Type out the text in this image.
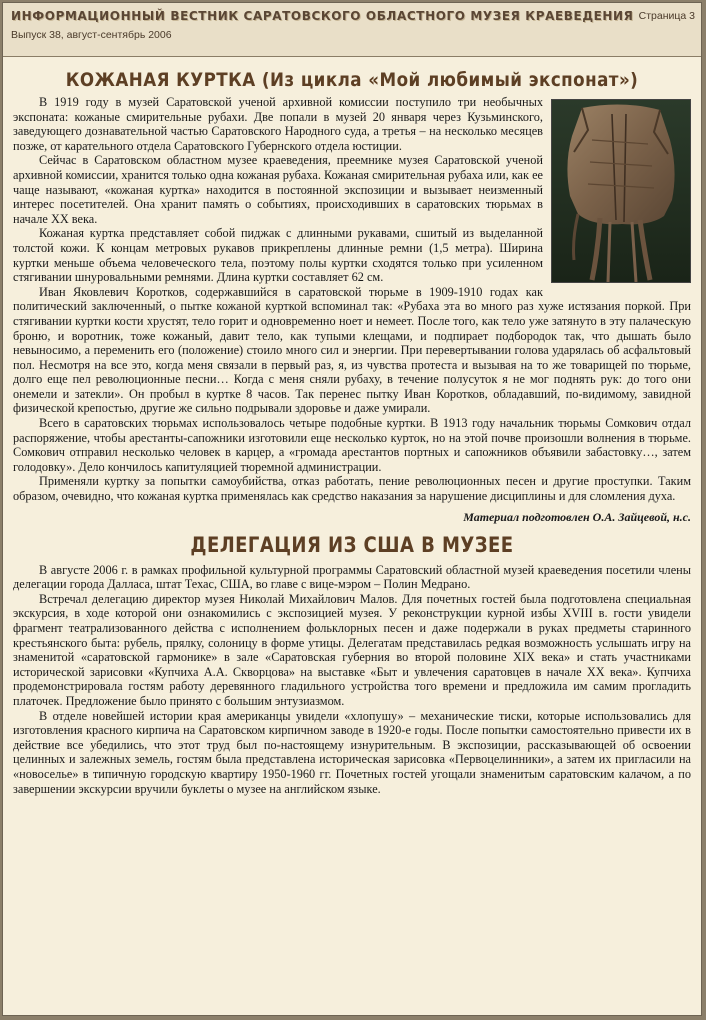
ИНФОРМАЦИОННЫЙ ВЕСТНИК САРАТОВСКОГО ОБЛАСТНОГО МУЗЕЯ КРАЕВЕДЕНИЯ
Выпуск 38, август-сентябрь 2006
Страница 3
КОЖАНАЯ КУРТКА (Из цикла «Мой любимый экспонат»)

В 1919 году в музей Саратовской ученой архивной комиссии поступило три необычных экспоната: кожаные смирительные рубахи. Две попали в музей 20 января через Кузьминского, заведующего дознавательной частью Саратовского Народного суда, а третья – на несколько месяцев позже, от карательного отдела Саратовского Губернского отдела юстиции.

Сейчас в Саратовском областном музее краеведения, преемнике музея Саратовской ученой архивной комиссии, хранится только одна кожаная рубаха. Кожаная смирительная рубаха или, как ее чаще называют, «кожаная куртка» находится в постоянной экспозиции и вызывает неизменный интерес посетителей. Она хранит память о событиях, происходивших в саратовских тюрьмах в начале XX века.

Кожаная куртка представляет собой пиджак с длинными рукавами, сшитый из выделанной толстой кожи. К концам метровых рукавов прикреплены длинные ремни (1,5 метра). Ширина куртки меньше объема человеческого тела, поэтому полы куртки сходятся только при усиленном стягивании шнуровальными ремнями. Длина куртки составляет 62 см.

Иван Яковлевич Коротков, содержавшийся в саратовской тюрьме в 1909-1910 годах как политический заключенный, о пытке кожаной курткой вспоминал так: «Рубаха эта во много раз хуже истязания поркой. При стягивании куртки кости хрустят, тело горит и одновременно ноет и немеет. После того, как тело уже затянуто в эту палаческую броню, и воротник, тоже кожаный, давит тело, как тупыми клещами, и подпирает подбородок так, что дышать было невыносимо, а переменить его (положение) стоило много сил и энергии. При перевертывании голова ударялась об асфальтовый пол. Несмотря на все это, когда меня связали в первый раз, я, из чувства протеста и вызывая на то же товарищей по тюрьме, долго еще пел революционные песни… Когда с меня сняли рубаху, в течение полусуток я не мог поднять рук: до того они онемели и затекли». Он пробыл в куртке 8 часов. Так перенес пытку Иван Коротков, обладавший, по-видимому, завидной физической крепостью, другие же сильно подрывали здоровье и даже умирали.

Всего в саратовских тюрьмах использовалось четыре подобные куртки. В 1913 году начальник тюрьмы Сомкович отдал распоряжение, чтобы арестанты-сапожники изготовили еще несколько курток, но на этой почве произошли волнения в тюрьме. Сомкович отправил несколько человек в карцер, а «громада арестантов портных и сапожников объявили забастовку…, затем голодовку». Дело кончилось капитуляцией тюремной администрации.

Применяли куртку за попытки самоубийства, отказ работать, пение революционных песен и другие проступки. Таким образом, очевидно, что кожаная куртка применялась как средство наказания за нарушение дисциплины и для сломления духа.

Материал подготовлен О.А. Зайцевой, н.с.
ДЕЛЕГАЦИЯ ИЗ США В МУЗЕЕ

В августе 2006 г. в рамках профильной культурной программы Саратовский областной музей краеведения посетили члены делегации города Далласа, штат Техас, США, во главе с вице-мэром – Полин Медрано.

Встречал делегацию директор музея Николай Михайлович Малов. Для почетных гостей была подготовлена специальная экскурсия, в ходе которой они ознакомились с экспозицией музея. У реконструкции курной избы XVIII в. гости увидели фрагмент театрализованного действа с исполнением фольклорных песен и даже подержали в руках предметы старинного крестьянского быта: рубель, прялку, солоницу в форме утицы. Делегатам представилась редкая возможность услышать игру на знаменитой «саратовской гармонике» в зале «Саратовская губерния во второй половине XIX века» и стать участниками исторической зарисовки «Купчиха А.А. Скворцова» на выставке «Быт и увлечения саратовцев в начале XX века». Купчиха продемонстрировала гостям работу деревянного гладильного устройства того времени и предложила им самим прогладить платочек. Предложение было принято с большим энтузиазмом.

В отделе новейшей истории края американцы увидели «хлопушу» – механические тиски, которые использовались для изготовления красного кирпича на Саратовском кирпичном заводе в 1920-е годы. После попытки самостоятельно привести их в действие все убедились, что этот труд был по-настоящему изнурительным. В экспозиции, рассказывающей об освоении целинных и залежных земель, гостям была представлена историческая зарисовка «Первоцелинники», а затем их пригласили на «новоселье» в типичную городскую квартиру 1950-1960 гг. Почетных гостей угощали знаменитым саратовским калачом, а по завершении экскурсии вручили буклеты о музее на английском языке.
